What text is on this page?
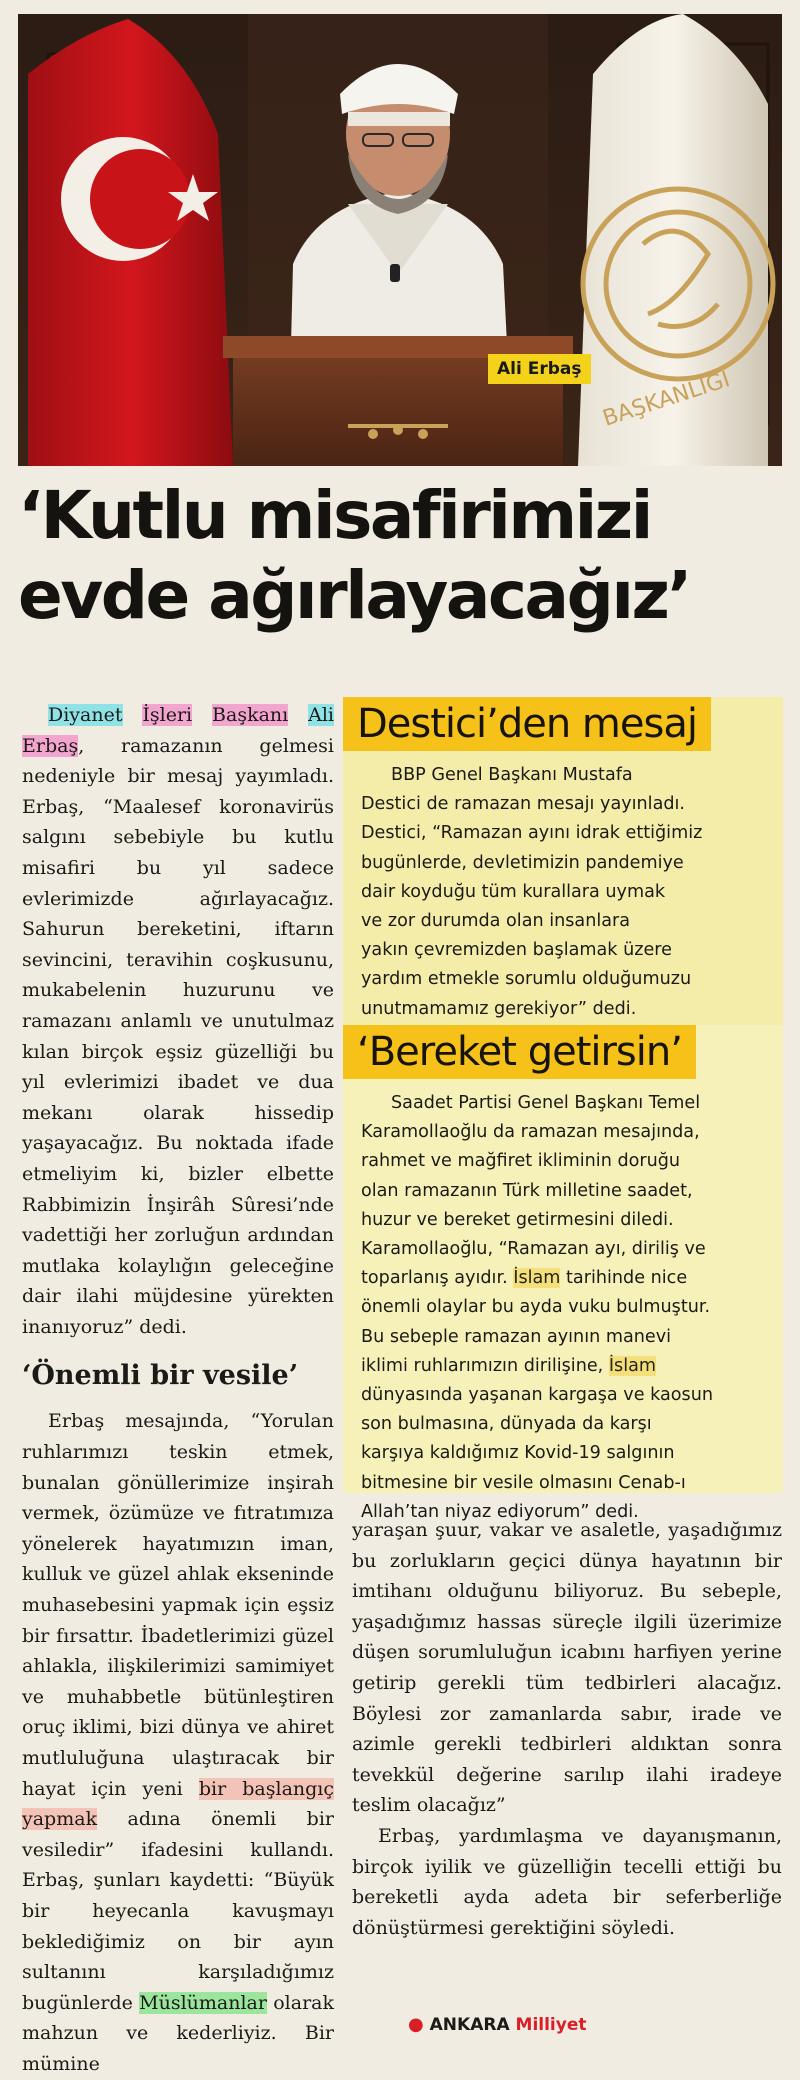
BAŞKANLIĞI
Ali Erbaş
‘Kutlu misafirimizi
evde ağırlayacağız’

Diyanet İşleri Başkanı Ali Erbaş, ramazanın gelmesi nedeniyle bir mesaj yayımladı. Erbaş, “Maalesef koronavirüs salgını sebebiyle bu kutlu misafiri bu yıl sadece evlerimizde ağırlayacağız. Sahurun bereketini, iftarın sevincini, teravihin coşkusunu, mukabelenin huzurunu ve ramazanı anlamlı ve unutulmaz kılan birçok eşsiz güzelliği bu yıl evlerimizi ibadet ve dua mekanı olarak hissedip yaşayacağız. Bu noktada ifade etmeliyim ki, bizler elbette Rabbimizin İnşirâh Sûresi’nde vadettiği her zorluğun ardından mutlaka kolaylığın geleceğine dair ilahi müjdesine yürekten inanıyoruz” dedi.

‘Önemli bir vesile’

Erbaş mesajında, “Yorulan ruhlarımızı teskin etmek, bunalan gönüllerimize inşirah vermek, özümüze ve fıtratımıza yönelerek hayatımızın iman, kulluk ve güzel ahlak ekseninde muhasebesini yapmak için eşsiz bir fırsattır. İbadetlerimizi güzel ahlakla, ilişkilerimizi samimiyet ve muhabbetle bütünleştiren oruç iklimi, bizi dünya ve ahiret mutluluğuna ulaştıracak bir hayat için yeni bir başlangıç yapmak adına önemli bir vesiledir” ifadesini kullandı. Erbaş, şunları kaydetti: “Büyük bir heyecanla kavuşmayı beklediğimiz on bir ayın sultanını karşıladığımız bugünlerde Müslümanlar olarak mahzun ve kederliyiz. Bir mümine

Destici’den mesaj
BBP Genel Başkanı Mustafa
Destici de ramazan mesajı yayınladı.
Destici, “Ramazan ayını idrak ettiğimiz
bugünlerde, devletimizin pandemiye
dair koyduğu tüm kurallara uymak
ve zor durumda olan insanlara
yakın çevremizden başlamak üzere
yardım etmekle sorumlu olduğumuzu
unutmamamız gerekiyor” dedi.
‘Bereket getirsin’
Saadet Partisi Genel Başkanı Temel
Karamollaoğlu da ramazan mesajında,
rahmet ve mağfiret ikliminin doruğu
olan ramazanın Türk milletine saadet,
huzur ve bereket getirmesini diledi.
Karamollaoğlu, “Ramazan ayı, diriliş ve
toparlanış ayıdır. İslam tarihinde nice
önemli olaylar bu ayda vuku bulmuştur.
Bu sebeple ramazan ayının manevi
iklimi ruhlarımızın dirilişine, İslam
dünyasında yaşanan kargaşa ve kaosun
son bulmasına, dünyada da karşı
karşıya kaldığımız Kovid-19 salgının
bitmesine bir vesile olmasını Cenab-ı
Allah’tan niyaz ediyorum” dedi.

yaraşan şuur, vakar ve asaletle, yaşadığımız bu zorlukların geçici dünya hayatının bir imtihanı olduğunu biliyoruz. Bu sebeple, yaşadığımız hassas süreçle ilgili üzerimize düşen sorumluluğun icabını harfiyen yerine getirip gerekli tüm tedbirleri alacağız. Böylesi zor zamanlarda sabır, irade ve azimle gerekli tedbirleri aldıktan sonra tevekkül değerine sarılıp ilahi iradeye teslim olacağız”

Erbaş, yardımlaşma ve dayanışmanın, birçok iyilik ve güzelliğin tecelli ettiği bu bereketli ayda adeta bir seferberliğe dönüştürmesi gerektiğini söyledi.

● ANKARA Milliyet
